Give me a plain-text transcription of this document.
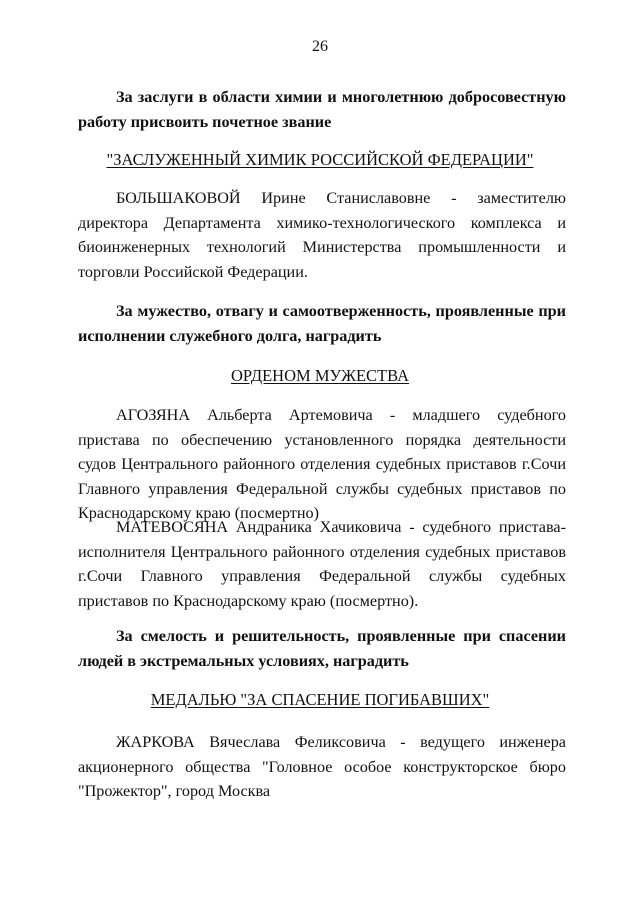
26

За заслуги в области химии и многолетнюю добросовестную работу присвоить почетное звание

"ЗАСЛУЖЕННЫЙ ХИМИК РОССИЙСКОЙ ФЕДЕРАЦИИ"

БОЛЬШАКОВОЙ Ирине Станиславовне - заместителю директора Департамента химико-технологического комплекса и биоинженерных технологий Министерства промышленности и торговли Российской Федерации.

За мужество, отвагу и самоотверженность, проявленные при исполнении служебного долга, наградить

ОРДЕНОМ МУЖЕСТВА

АГОЗЯНА Альберта Артемовича - младшего судебного пристава по обеспечению установленного порядка деятельности судов Центрального районного отделения судебных приставов г.Сочи Главного управления Федеральной службы судебных приставов по Краснодарскому краю (посмертно)

МАТЕВОСЯНА Андраника Хачиковича - судебного пристава-исполнителя Центрального районного отделения судебных приставов г.Сочи Главного управления Федеральной службы судебных приставов по Краснодарскому краю (посмертно).

За смелость и решительность, проявленные при спасении людей в экстремальных условиях, наградить

МЕДАЛЬЮ "ЗА СПАСЕНИЕ ПОГИБАВШИХ"

ЖАРКОВА Вячеслава Феликсовича - ведущего инженера акционерного общества "Головное особое конструкторское бюро "Прожектор", город Москва
